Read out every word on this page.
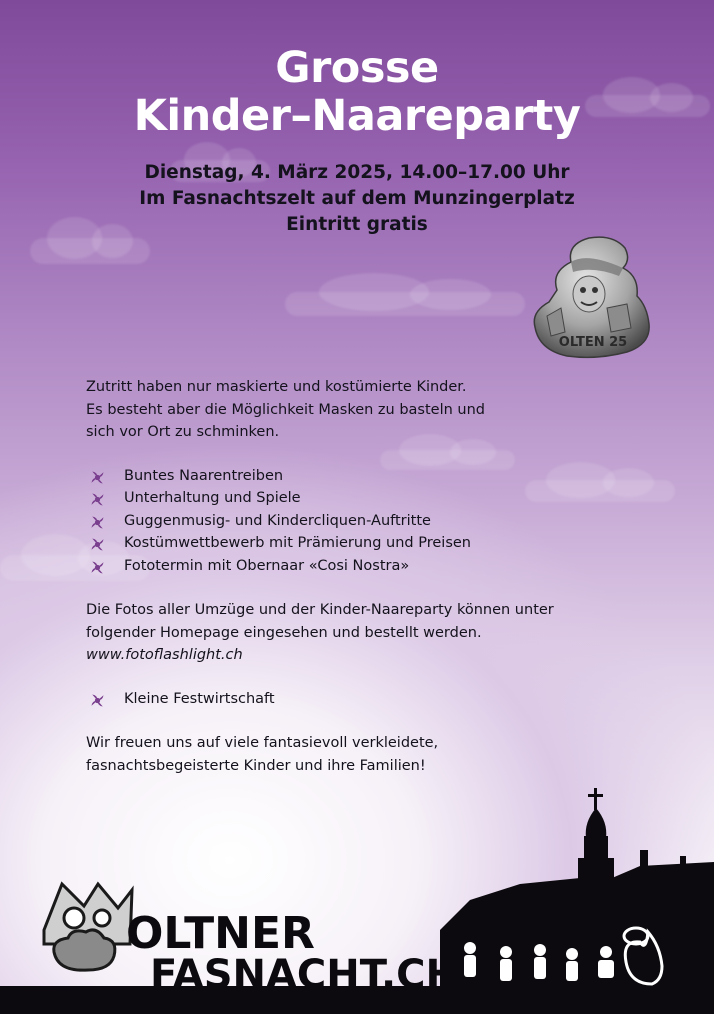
Grosse
Kinder–Naareparty
Dienstag, 4. März 2025, 14.00–17.00 Uhr
Im Fasnachtszelt auf dem Munzingerplatz
Eintritt gratis
OLTEN 25

Zutritt haben nur maskierte und kostümierte Kinder.
Es besteht aber die Möglichkeit Masken zu basteln und
sich vor Ort zu schminken.

Buntes Naarentreiben
Unterhaltung und Spiele
Guggenmusig- und Kindercliquen-Auftritte
Kostümwettbewerb mit Prämierung und Preisen
Fototermin mit Obernaar «Cosi Nostra»

Die Fotos aller Umzüge und der Kinder-Naareparty können unter
folgender Homepage eingesehen und bestellt werden.
www.fotoflashlight.ch

Kleine Festwirtschaft

Wir freuen uns auf viele fantasievoll verkleidete,
fasnachtsbegeisterte Kinder und ihre Familien!

OLTNER
FASNACHT.CH
